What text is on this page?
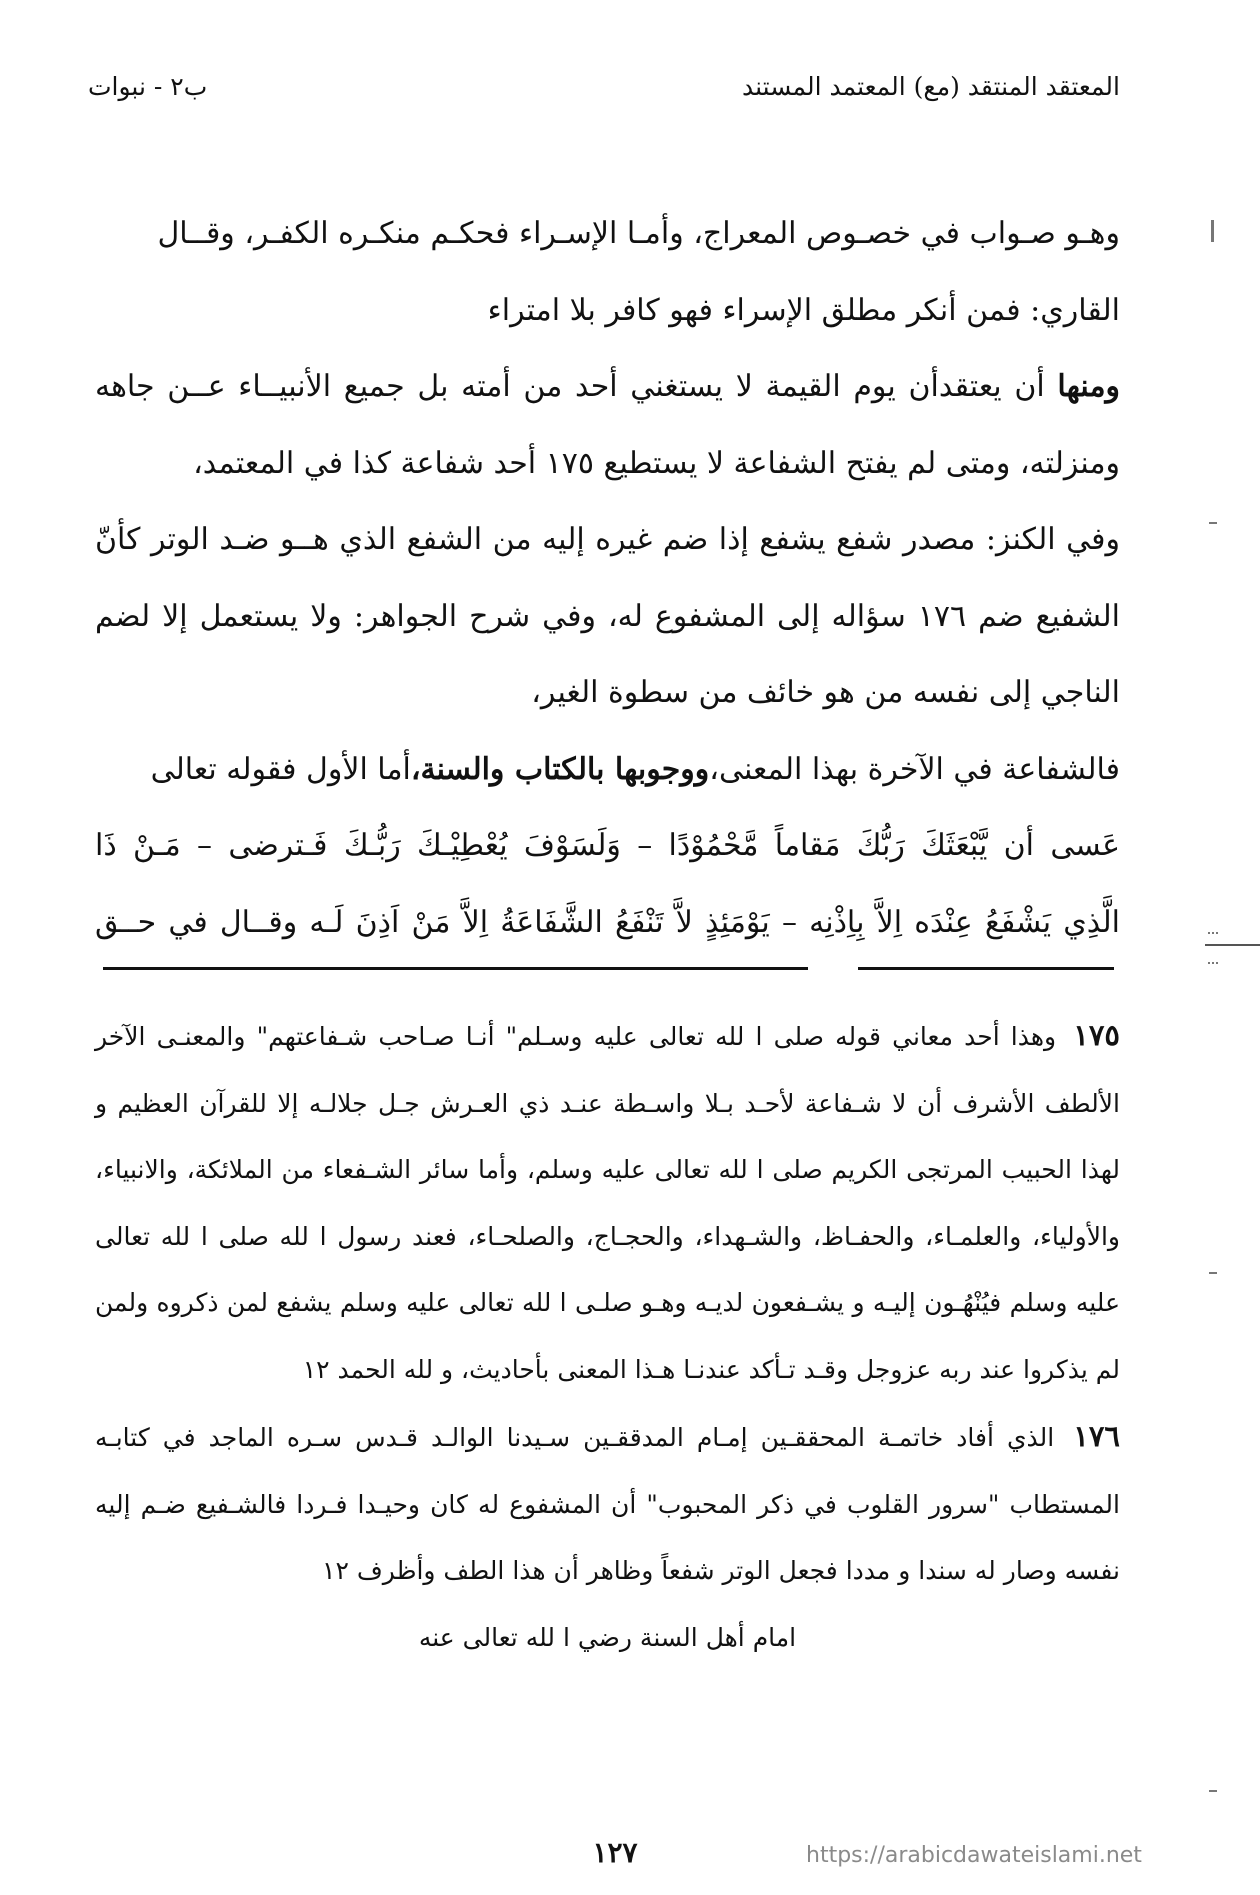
المعتقد المنتقد (مع) المعتمد المستند
ب٢ - نبوات

وهـو صـواب في خصـوص المعراج، وأمـا الإسـراء فحكـم منكـره الكفـر، وقــال
القاري: فمن أنكر مطلق الإسراء فهو كافر بلا امتراء

ومنها أن يعتقدأن يوم القيمة لا يستغني أحد من أمته بل جميع الأنبيــاء عــن جاهه ومنزلته، ومتى لم يفتح الشفاعة لا يستطيع ١٧٥ أحد شفاعة كذا في المعتمد،

وفي الكنز: مصدر شفع يشفع إذا ضم غيره إليه من الشفع الذي هــو ضـد الوتر كأنّ الشفيع ضم ١٧٦ سؤاله إلى المشفوع له، وفي شرح الجواهر: ولا يستعمل إلا لضم الناجي إلى نفسه من هو خائف من سطوة الغير،

فالشفاعة في الآخرة بهذا المعنى،ووجوبها بالكتاب والسنة،أما الأول فقوله تعالى

عَسى أن يَّبْعَثَكَ رَبُّكَ مَقاماً مَّحْمُوْدًا – وَلَسَوْفَ يُعْطِيْـكَ رَبُّـكَ فَـترضى – مَـنْ ذَا

الَّذِي يَشْفَعُ عِنْدَه اِلاَّ بِاِذْنِه – يَوْمَئِذٍ لاَّ تَنْفَعُ الشَّفَاعَةُ اِلاَّ مَنْ اَذِنَ لَـه وقــال في حــق

١٧٥ وهذا أحد معاني قوله صلى ا لله تعالى عليه وسـلم" أنـا صـاحب شـفاعتهم" والمعنـى الآخر الألطف الأشرف أن لا شـفاعة لأحـد بـلا واسـطة عنـد ذي العـرش جـل جلالـه إلا للقرآن العظيم و لهذا الحبيب المرتجى الكريم صلى ا لله تعالى عليه وسلم، وأما سائر الشـفعاء من الملائكة، والانبياء، والأولياء، والعلمـاء، والحفـاظ، والشـهداء، والحجـاج، والصلحـاء، فعند رسول ا لله صلى ا لله تعالى عليه وسلم فيُنْهُـون إليـه و يشـفعون لديـه وهـو صلـى ا لله تعالى عليه وسلم يشفع لمن ذكروه ولمن لم يذكروا عند ربه عزوجل وقـد تـأكد عندنـا هـذا المعنى بأحاديث، و لله الحمد ١٢

١٧٦ الذي أفاد خاتمـة المحققـين إمـام المدققـين سـيدنا الوالـد قـدس سـره الماجد في كتابـه المستطاب "سرور القلوب في ذكر المحبوب" أن المشفوع له كان وحيـدا فـردا فالشـفيع ضـم إليه نفسه وصار له سندا و مددا فجعل الوتر شفعاً وظاهر أن هذا الطف وأظرف ١٢

امام أهل السنة رضي ا لله تعالى عنه

١٢٧	https://arabicdawateislami.net
